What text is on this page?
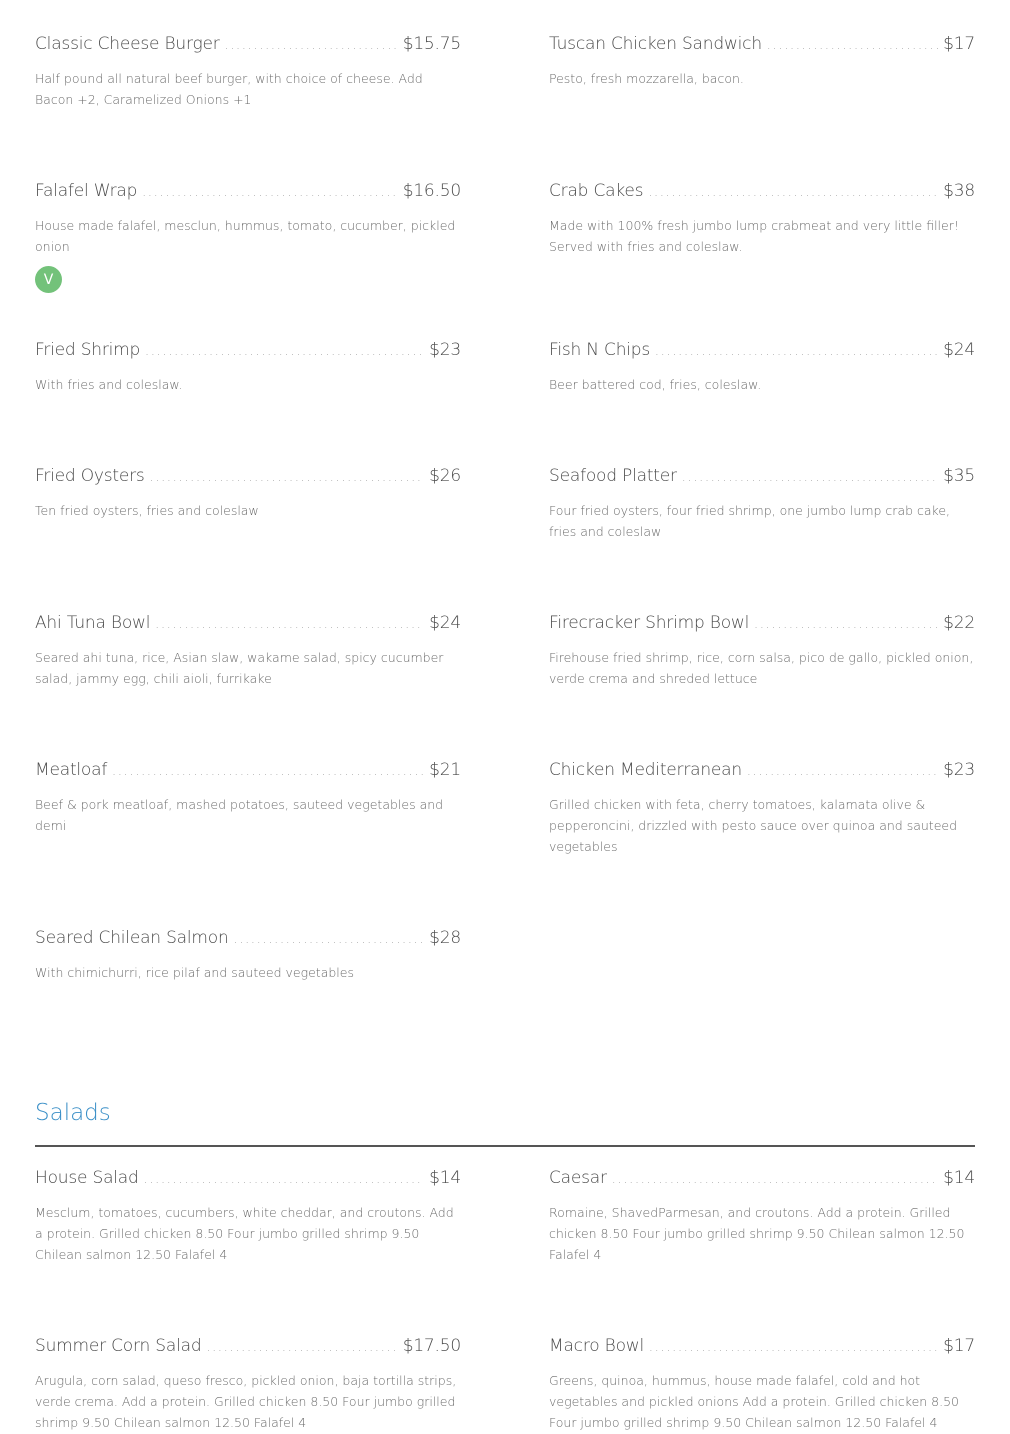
Classic Cheese Burger .....	$15.75
Half pound all natural beef burger, with choice of cheese. Add Bacon +2, Caramelized Onions +1
Tuscan Chicken Sandwich .....	$17
Pesto, fresh mozzarella, bacon.
Falafel Wrap .....	$16.50
House made falafel, mesclun, hummus, tomato, cucumber, pickled onion
V
Crab Cakes .....	$38
Made with 100% fresh jumbo lump crabmeat and very little filler! Served with fries and coleslaw.
Fried Shrimp .....	$23
With fries and coleslaw.
Fish N Chips .....	$24
Beer battered cod, fries, coleslaw.
Fried Oysters .....	$26
Ten fried oysters, fries and coleslaw
Seafood Platter .....	$35
Four fried oysters, four fried shrimp, one jumbo lump crab cake, fries and coleslaw
Ahi Tuna Bowl .....	$24
Seared ahi tuna, rice, Asian slaw, wakame salad, spicy cucumber salad, jammy egg, chili aioli, furrikake
Firecracker Shrimp Bowl .....	$22
Firehouse fried shrimp, rice, corn salsa, pico de gallo, pickled onion, verde crema and shreded lettuce
Meatloaf .....	$21
Beef & pork meatloaf, mashed potatoes, sauteed vegetables and demi
Chicken Mediterranean .....	$23
Grilled chicken with feta, cherry tomatoes, kalamata olive & pepperoncini, drizzled with pesto sauce over quinoa and sauteed vegetables
Seared Chilean Salmon .....	$28
With chimichurri, rice pilaf and sauteed vegetables
Salads
House Salad .....	$14
Mesclum, tomatoes, cucumbers, white cheddar, and croutons. Add a protein. Grilled chicken 8.50 Four jumbo grilled shrimp 9.50 Chilean salmon 12.50 Falafel 4
Caesar .....	$14
Romaine, ShavedParmesan, and croutons. Add a protein. Grilled chicken 8.50 Four jumbo grilled shrimp 9.50 Chilean salmon 12.50 Falafel 4
Summer Corn Salad .....	$17.50
Arugula, corn salad, queso fresco, pickled onion, baja tortilla strips, verde crema. Add a protein. Grilled chicken 8.50 Four jumbo grilled shrimp 9.50 Chilean salmon 12.50 Falafel 4
Macro Bowl .....	$17
Greens, quinoa, hummus, house made falafel, cold and hot vegetables and pickled onions Add a protein. Grilled chicken 8.50 Four jumbo grilled shrimp 9.50 Chilean salmon 12.50 Falafel 4
